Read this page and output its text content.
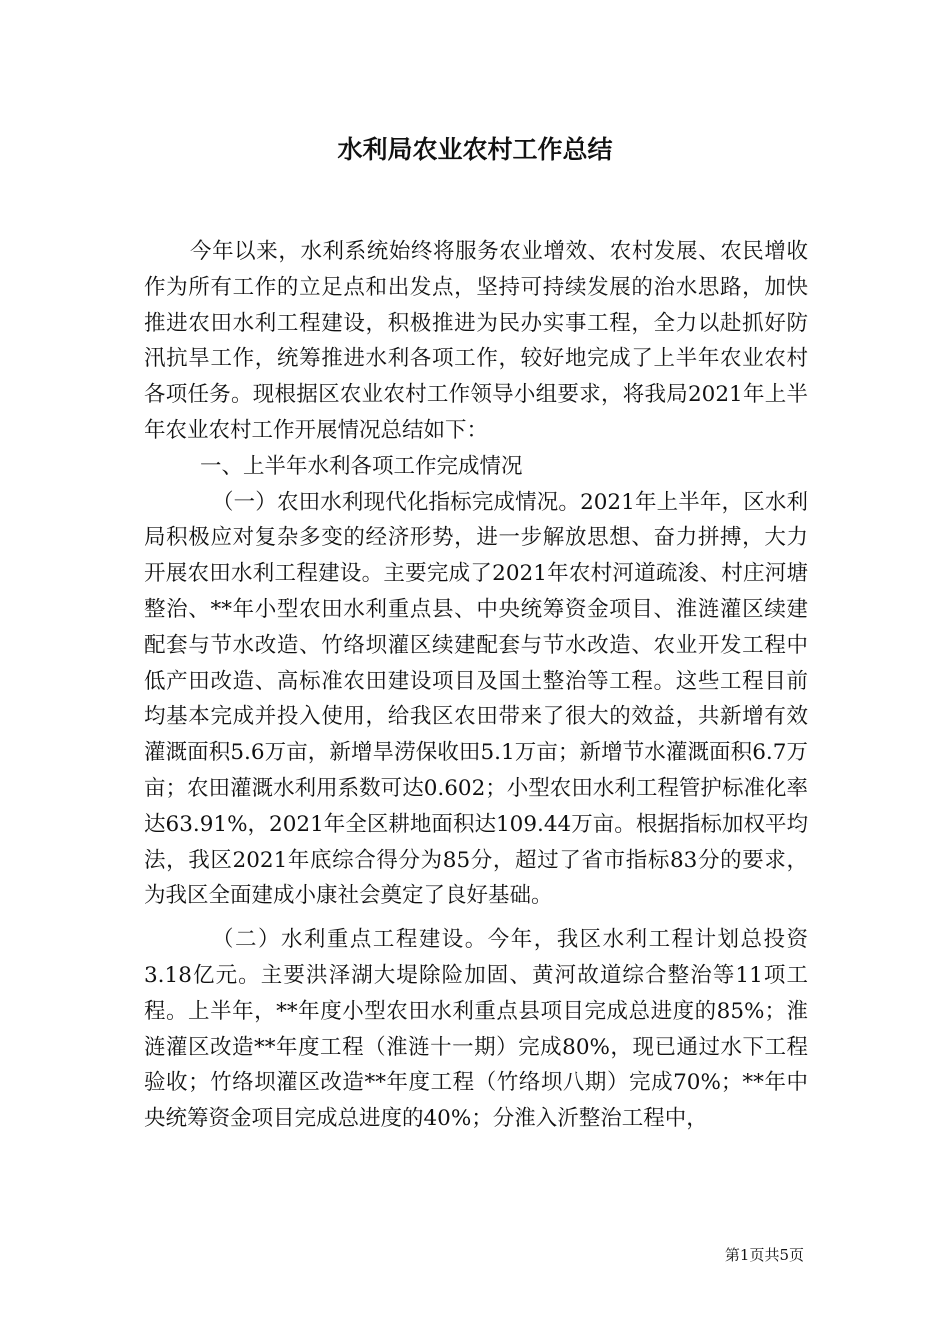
水利局农业农村工作总结

今年以来，水利系统始终将服务农业增效、农村发展、农民增收作为所有工作的立足点和出发点，坚持可持续发展的治水思路，加快推进农田水利工程建设，积极推进为民办实事工程，全力以赴抓好防汛抗旱工作，统筹推进水利各项工作，较好地完成了上半年农业农村各项任务。现根据区农业农村工作领导小组要求，将我局2021年上半年农业农村工作开展情况总结如下：

一、上半年水利各项工作完成情况

（一）农田水利现代化指标完成情况。2021年上半年，区水利局积极应对复杂多变的经济形势，进一步解放思想、奋力拼搏，大力开展农田水利工程建设。主要完成了2021年农村河道疏浚、村庄河塘整治、**年小型农田水利重点县、中央统筹资金项目、淮涟灌区续建配套与节水改造、竹络坝灌区续建配套与节水改造、农业开发工程中低产田改造、高标准农田建设项目及国土整治等工程。这些工程目前均基本完成并投入使用，给我区农田带来了很大的效益，共新增有效灌溉面积5.6万亩，新增旱涝保收田5.1万亩；新增节水灌溉面积6.7万亩；农田灌溉水利用系数可达0.602；小型农田水利工程管护标准化率达63.91%，2021年全区耕地面积达109.44万亩。根据指标加权平均法，我区2021年底综合得分为85分，超过了省市指标83分的要求，为我区全面建成小康社会奠定了良好基础。

（二）水利重点工程建设。今年，我区水利工程计划总投资3.18亿元。主要洪泽湖大堤除险加固、黄河故道综合整治等11项工程。上半年，**年度小型农田水利重点县项目完成总进度的85%；淮涟灌区改造**年度工程（淮涟十一期）完成80%，现已通过水下工程验收；竹络坝灌区改造**年度工程（竹络坝八期）完成70%；**年中央统筹资金项目完成总进度的40%；分淮入沂整治工程中，

第1页共5页
